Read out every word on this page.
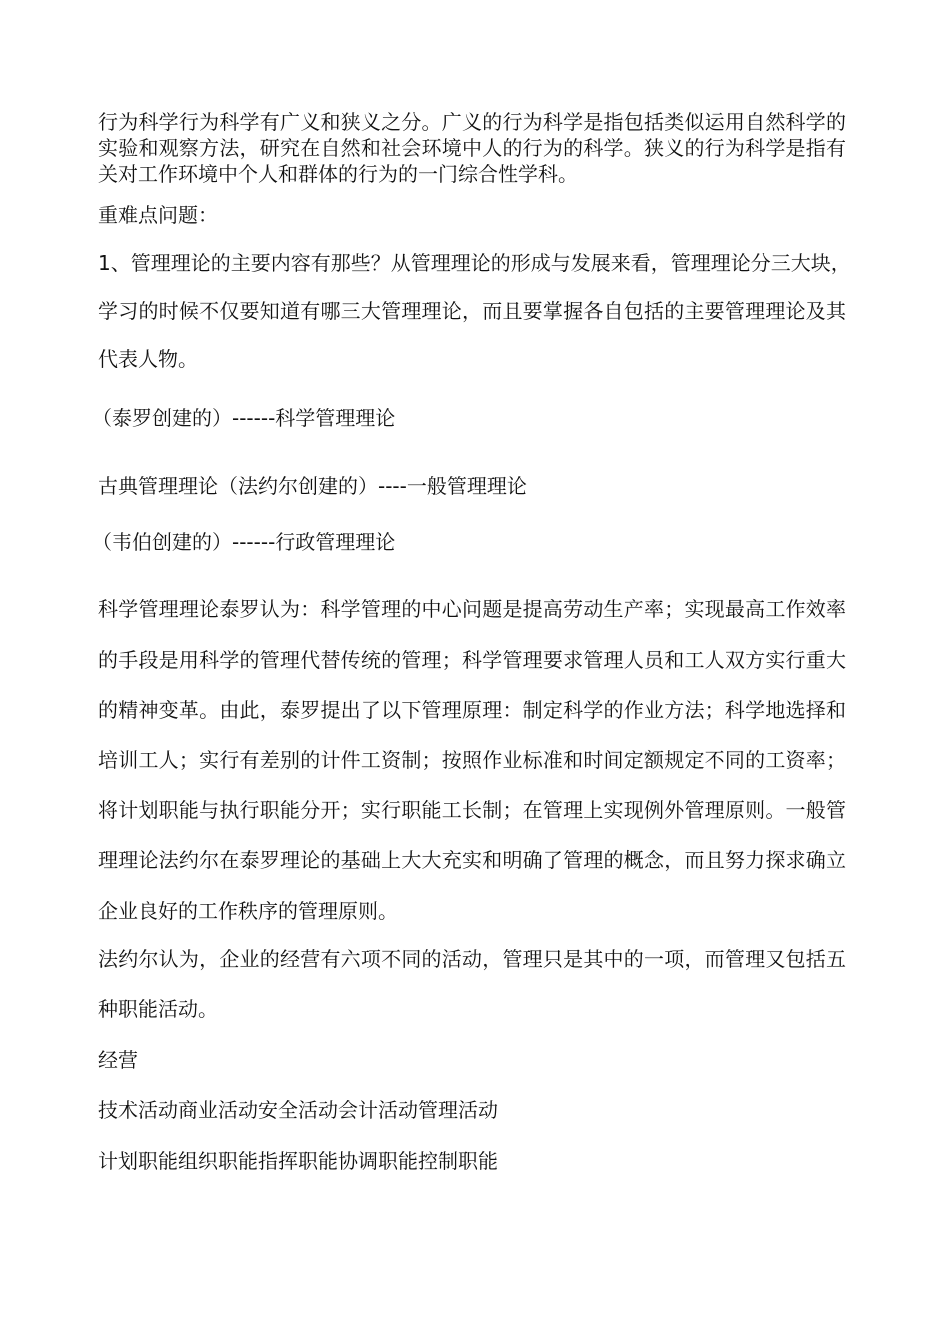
行为科学行为科学有广义和狭义之分。广义的行为科学是指包括类似运用自然科学的
实验和观察方法，研究在自然和社会环境中人的行为的科学。狭义的行为科学是指有
关对工作环境中个人和群体的行为的一门综合性学科。
重难点问题：
1、管理理论的主要内容有那些？从管理理论的形成与发展来看，管理理论分三大块，
学习的时候不仅要知道有哪三大管理理论，而且要掌握各自包括的主要管理理论及其
代表人物。
（泰罗创建的）------科学管理理论
古典管理理论（法约尔创建的）----一般管理理论
（韦伯创建的）------行政管理理论
科学管理理论泰罗认为：科学管理的中心问题是提高劳动生产率；实现最高工作效率
的手段是用科学的管理代替传统的管理；科学管理要求管理人员和工人双方实行重大
的精神变革。由此，泰罗提出了以下管理原理：制定科学的作业方法；科学地选择和
培训工人；实行有差别的计件工资制；按照作业标准和时间定额规定不同的工资率；
将计划职能与执行职能分开；实行职能工长制；在管理上实现例外管理原则。一般管
理理论法约尔在泰罗理论的基础上大大充实和明确了管理的概念，而且努力探求确立
企业良好的工作秩序的管理原则。
法约尔认为，企业的经营有六项不同的活动，管理只是其中的一项，而管理又包括五
种职能活动。
经营
技术活动商业活动安全活动会计活动管理活动
计划职能组织职能指挥职能协调职能控制职能
